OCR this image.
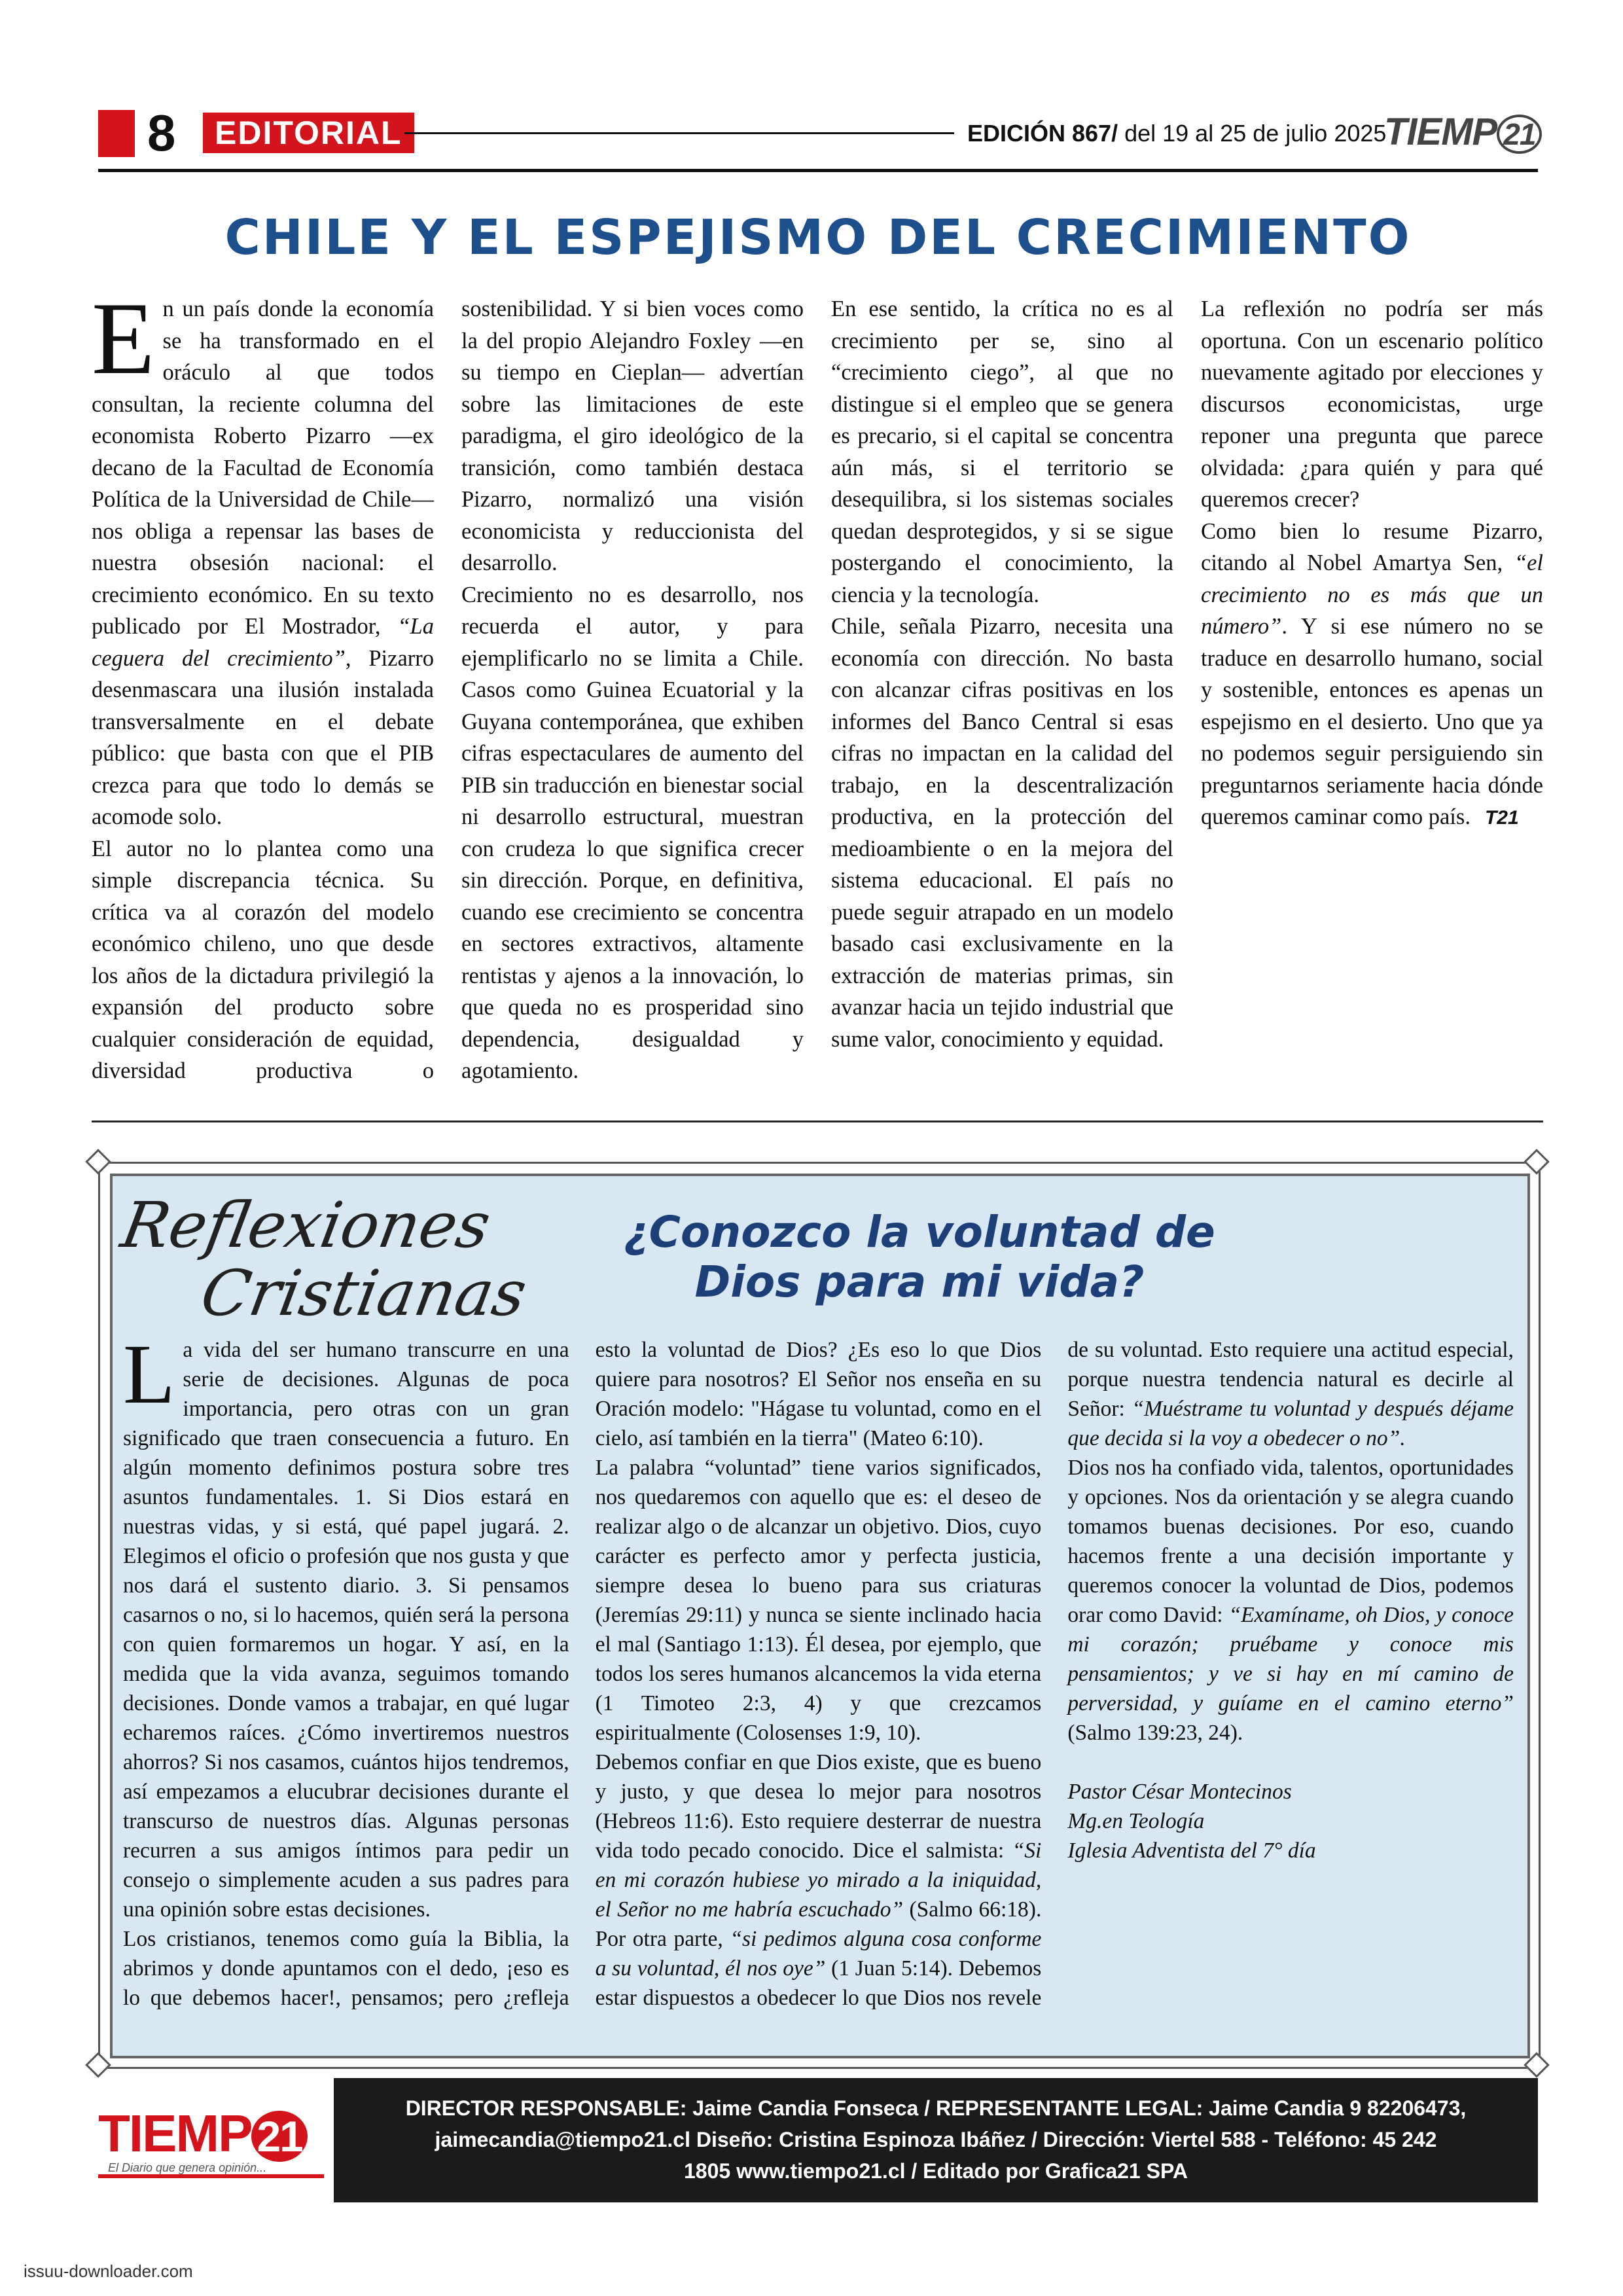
8	EDITORIAL	EDICIÓN 867/ del 19 al 25 de julio 2025
TIEMP 21
CHILE Y EL ESPEJISMO DEL CRECIMIENTO

En un país donde la economía se ha transformado en el oráculo al que todos consultan, la reciente columna del economista Roberto Pizarro —ex decano de la Facultad de Economía Política de la Universidad de Chile— nos obliga a repensar las bases de nuestra obsesión nacional: el crecimiento económico. En su texto publicado por El Mostrador, “La ceguera del crecimiento”, Pizarro desenmascara una ilusión instalada transversalmente en el debate público: que basta con que el PIB crezca para que todo lo demás se acomode solo.

El autor no lo plantea como una simple discrepancia técnica. Su crítica va al corazón del modelo económico chileno, uno que desde los años de la dictadura privilegió la expansión del producto sobre cualquier consideración de equidad, diversidad productiva o sostenibilidad. Y si bien voces como la del propio Alejandro Foxley —en su tiempo en Cieplan— advertían sobre las limitaciones de este paradigma, el giro ideológico de la transición, como también destaca Pizarro, normalizó una visión economicista y reduccionista del desarrollo.

Crecimiento no es desarrollo, nos recuerda el autor, y para ejemplificarlo no se limita a Chile. Casos como Guinea Ecuatorial y la Guyana contemporánea, que exhiben cifras espectaculares de aumento del PIB sin traducción en bienestar social ni desarrollo estructural, muestran con crudeza lo que significa crecer sin dirección. Porque, en definitiva, cuando ese crecimiento se concentra en sectores extractivos, altamente rentistas y ajenos a la innovación, lo que queda no es prosperidad sino dependencia, desigualdad y agotamiento.

En ese sentido, la crítica no es al crecimiento per se, sino al “crecimiento ciego”, al que no distingue si el empleo que se genera es precario, si el capital se concentra aún más, si el territorio se desequilibra, si los sistemas sociales quedan desprotegidos, y si se sigue postergando el conocimiento, la ciencia y la tecnología.

Chile, señala Pizarro, necesita una economía con dirección. No basta con alcanzar cifras positivas en los informes del Banco Central si esas cifras no impactan en la calidad del trabajo, en la descentralización productiva, en la protección del medioambiente o en la mejora del sistema educacional. El país no puede seguir atrapado en un modelo basado casi exclusivamente en la extracción de materias primas, sin avanzar hacia un tejido industrial que sume valor, conocimiento y equidad.

La reflexión no podría ser más oportuna. Con un escenario político nuevamente agitado por elecciones y discursos economicistas, urge reponer una pregunta que parece olvidada: ¿para quién y para qué queremos crecer?

Como bien lo resume Pizarro, citando al Nobel Amartya Sen, “el crecimiento no es más que un número”. Y si ese número no se traduce en desarrollo humano, social y sostenible, entonces es apenas un espejismo en el desierto. Uno que ya no podemos seguir persiguiendo sin preguntarnos seriamente hacia dónde queremos caminar como país. T21

Reflexiones
Cristianas
¿Conozco la voluntad de
Dios para mi vida?

La vida del ser humano transcurre en una serie de decisiones. Algunas de poca importancia, pero otras con un gran significado que traen consecuencia a futuro. En algún momento definimos postura sobre tres asuntos fundamentales. 1. Si Dios estará en nuestras vidas, y si está, qué papel jugará. 2. Elegimos el oficio o profesión que nos gusta y que nos dará el sustento diario. 3. Si pensamos casarnos o no, si lo hacemos, quién será la persona con quien formaremos un hogar. Y así, en la medida que la vida avanza, seguimos tomando decisiones. Donde vamos a trabajar, en qué lugar echaremos raíces. ¿Cómo invertiremos nuestros ahorros? Si nos casamos, cuántos hijos tendremos, así empezamos a elucubrar decisiones durante el transcurso de nuestros días. Algunas personas recurren a sus amigos íntimos para pedir un consejo o simplemente acuden a sus padres para una opinión sobre estas decisiones.

Los cristianos, tenemos como guía la Biblia, la abrimos y donde apuntamos con el dedo, ¡eso es lo que debemos hacer!, pensamos; pero ¿refleja esto la voluntad de Dios? ¿Es eso lo que Dios quiere para nosotros? El Señor nos enseña en su Oración modelo: "Hágase tu voluntad, como en el cielo, así también en la tierra" (Mateo 6:10).

La palabra “voluntad” tiene varios significados, nos quedaremos con aquello que es: el deseo de realizar algo o de alcanzar un objetivo. Dios, cuyo carácter es perfecto amor y perfecta justicia, siempre desea lo bueno para sus criaturas (Jeremías 29:11) y nunca se siente inclinado hacia el mal (Santiago 1:13). Él desea, por ejemplo, que todos los seres humanos alcancemos la vida eterna (1 Timoteo 2:3, 4) y que crezcamos espiritualmente (Colosenses 1:9, 10).

Debemos confiar en que Dios existe, que es bueno y justo, y que desea lo mejor para nosotros (Hebreos 11:6). Esto requiere desterrar de nuestra vida todo pecado conocido. Dice el salmista: “Si en mi corazón hubiese yo mirado a la iniquidad, el Señor no me habría escuchado” (Salmo 66:18). Por otra parte, “si pedimos alguna cosa conforme a su voluntad, él nos oye” (1 Juan 5:14). Debemos estar dispuestos a obedecer lo que Dios nos revele de su voluntad. Esto requiere una actitud especial, porque nuestra tendencia natural es decirle al Señor: “Muéstrame tu voluntad y después déjame que decida si la voy a obedecer o no”.

Dios nos ha confiado vida, talentos, oportunidades y opciones. Nos da orientación y se alegra cuando tomamos buenas decisiones. Por eso, cuando hacemos frente a una decisión importante y queremos conocer la voluntad de Dios, podemos orar como David: “Examíname, oh Dios, y conoce mi corazón; pruébame y conoce mis pensamientos; y ve si hay en mí camino de perversidad, y guíame en el camino eterno” (Salmo 139:23, 24).

Pastor César Montecinos
Mg.en Teología
Iglesia Adventista del 7° día

TIEMP 21
El Diario que genera opinión...
DIRECTOR RESPONSABLE: Jaime Candia Fonseca / REPRESENTANTE LEGAL: Jaime Candia 9 82206473,
jaimecandia@tiempo21.cl Diseño: Cristina Espinoza Ibáñez / Dirección: Viertel 588 - Teléfono: 45 242
1805 www.tiempo21.cl / Editado por Grafica21 SPA
issuu-downloader.com
